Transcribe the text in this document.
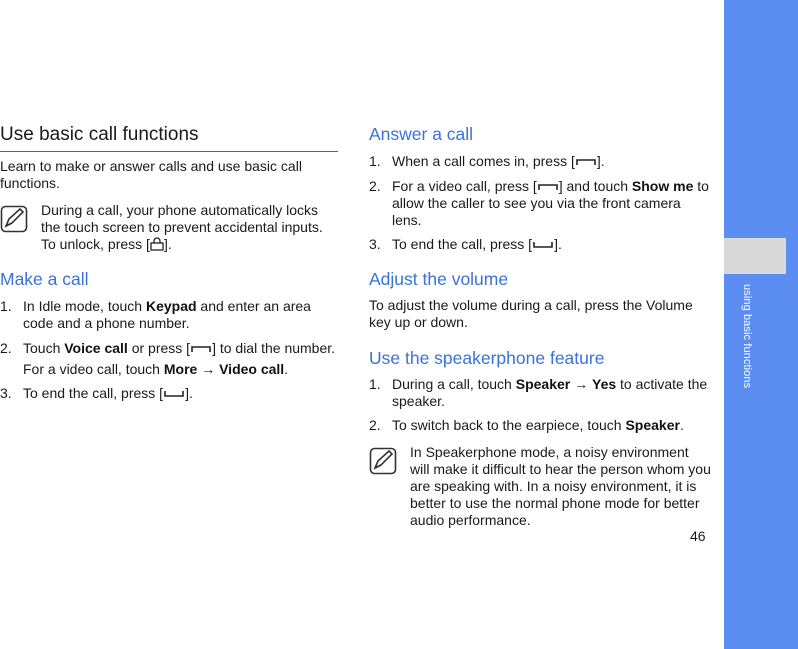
using basic functions
46
Use basic call functions

Learn to make or answer calls and use basic call functions.

During a call, your phone automatically locks the touch screen to prevent accidental inputs. To unlock, press [ ].
Make a call
1. In Idle mode, touch Keypad and enter an area code and a phone number.
2. Touch Voice call or press [ ] to dial the number.
For a video call, touch More → Video call.
3. To end the call, press [ ].
Answer a call
1. When a call comes in, press [ ].
2. For a video call, press [ ] and touch Show me to allow the caller to see you via the front camera lens.
3. To end the call, press [ ].
Adjust the volume

To adjust the volume during a call, press the Volume key up or down.

Use the speakerphone feature
1. During a call, touch Speaker → Yes to activate the speaker.
2. To switch back to the earpiece, touch Speaker.
In Speakerphone mode, a noisy environment will make it difficult to hear the person whom you are speaking with. In a noisy environment, it is better to use the normal phone mode for better audio performance.
